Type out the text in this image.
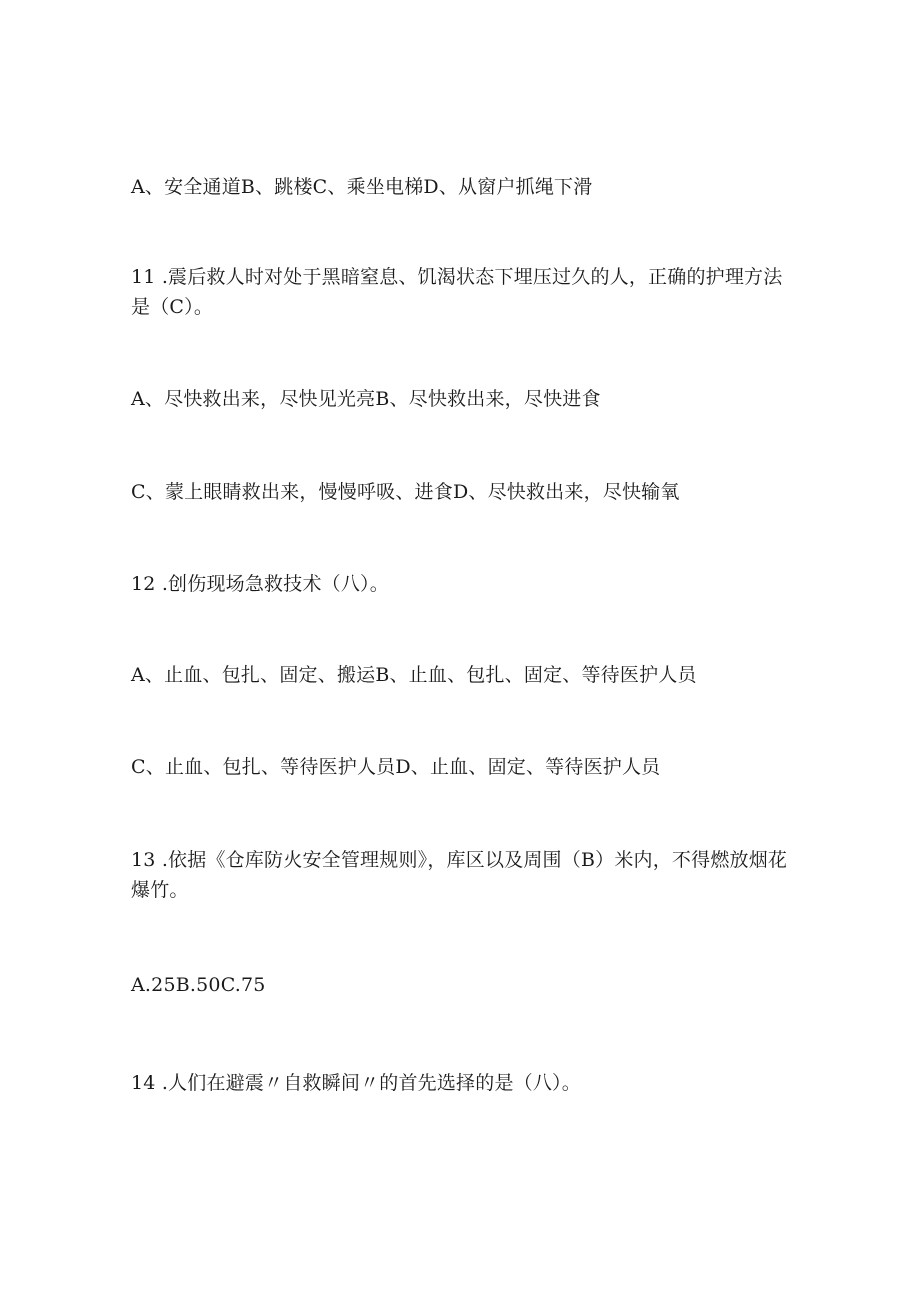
A、安全通道B、跳楼C、乘坐电梯D、从窗户抓绳下滑
11 .震后救人时对处于黑暗窒息、饥渴状态下埋压过久的人，正确的护理方法是（C）。
A、尽快救出来，尽快见光亮B、尽快救出来，尽快进食
C、蒙上眼睛救出来，慢慢呼吸、进食D、尽快救出来，尽快输氧
12 .创伤现场急救技术（八）。
A、止血、包扎、固定、搬运B、止血、包扎、固定、等待医护人员
C、止血、包扎、等待医护人员D、止血、固定、等待医护人员
13 .依据《仓库防火安全管理规则》，库区以及周围（B）米内，不得燃放烟花爆竹。
A.25B.50C.75
14 .人们在避震〃自救瞬间〃的首先选择的是（八）。
